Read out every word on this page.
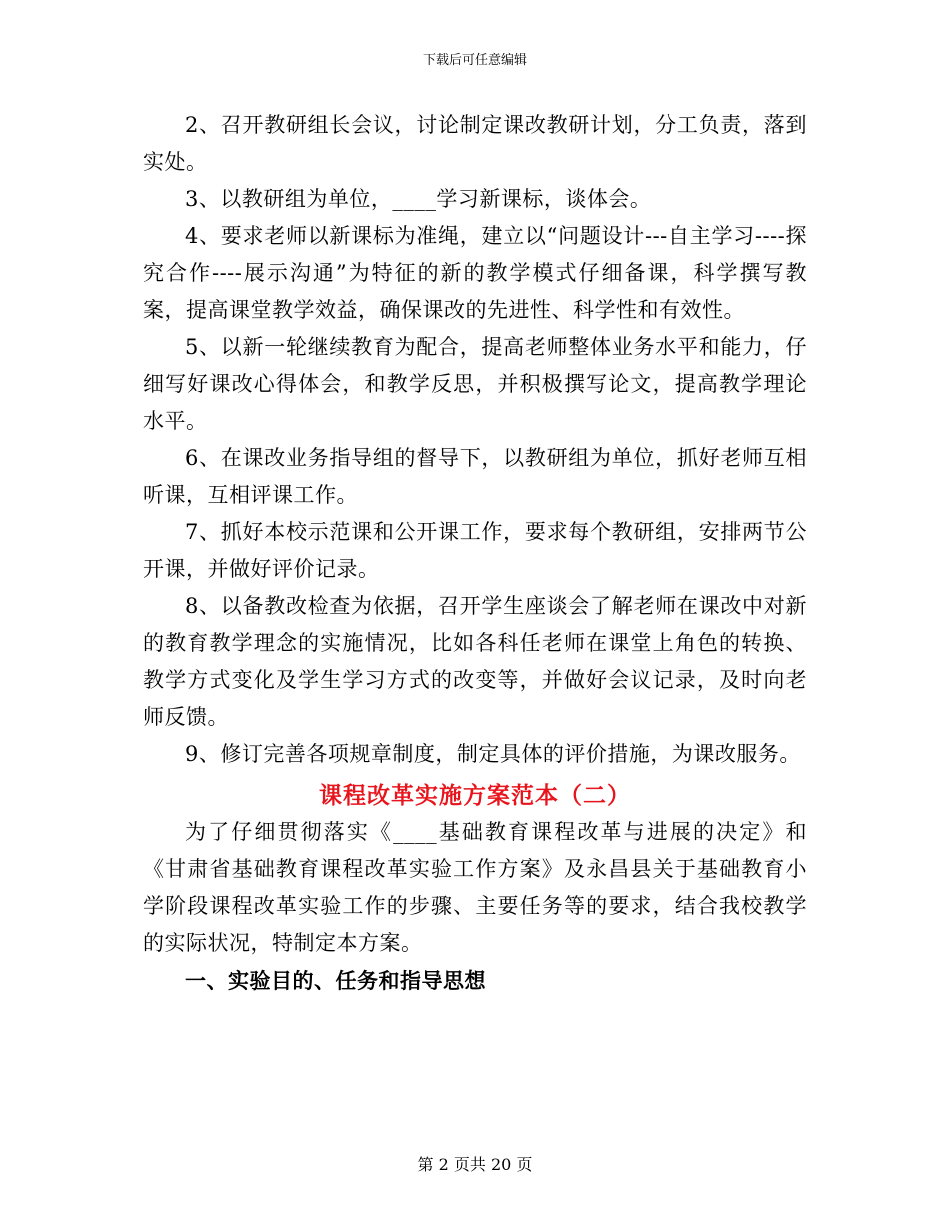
下载后可任意编辑

2、召开教研组长会议，讨论制定课改教研计划，分工负责，落到实处。

3、以教研组为单位，____学习新课标，谈体会。

4、要求老师以新课标为准绳，建立以“问题设计---自主学习----探究合作----展示沟通”为特征的新的教学模式仔细备课，科学撰写教案，提高课堂教学效益，确保课改的先进性、科学性和有效性。

5、以新一轮继续教育为配合，提高老师整体业务水平和能力，仔细写好课改心得体会，和教学反思，并积极撰写论文，提高教学理论水平。

6、在课改业务指导组的督导下，以教研组为单位，抓好老师互相听课，互相评课工作。

7、抓好本校示范课和公开课工作，要求每个教研组，安排两节公开课，并做好评价记录。

8、以备教改检查为依据，召开学生座谈会了解老师在课改中对新的教育教学理念的实施情况，比如各科任老师在课堂上角色的转换、教学方式变化及学生学习方式的改变等，并做好会议记录，及时向老师反馈。

9、修订完善各项规章制度，制定具体的评价措施，为课改服务。

课程改革实施方案范本（二）

为了仔细贯彻落实《____基础教育课程改革与进展的决定》和《甘肃省基础教育课程改革实验工作方案》及永昌县关于基础教育小学阶段课程改革实验工作的步骤、主要任务等的要求，结合我校教学的实际状况，特制定本方案。

一、实验目的、任务和指导思想

第 2 页共 20 页
